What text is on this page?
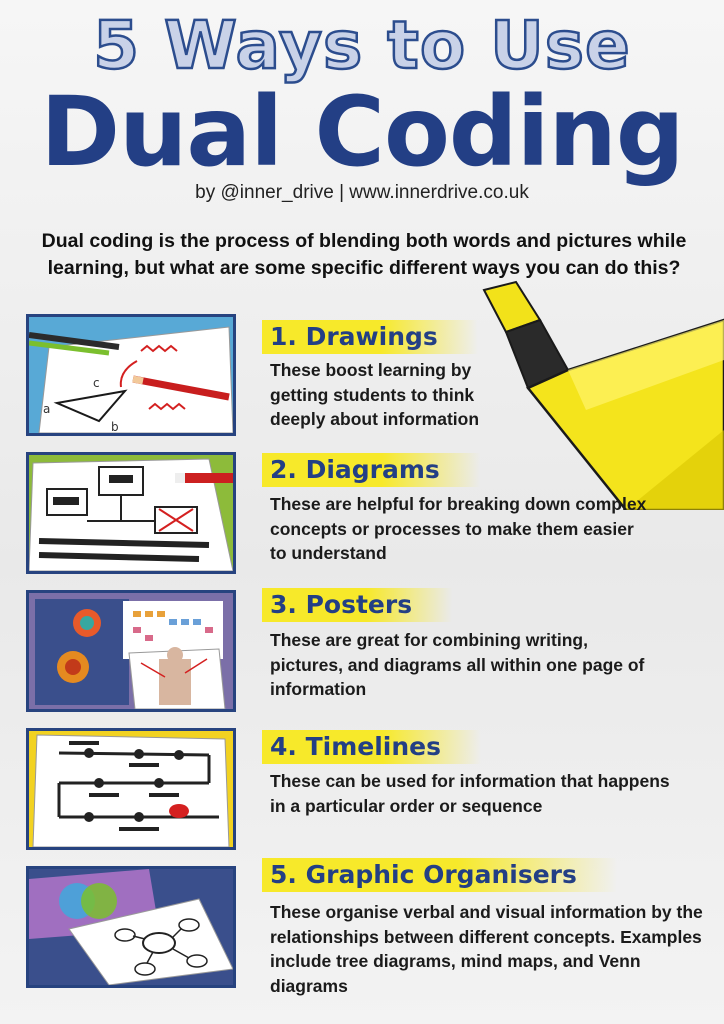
5 Ways to Use
Dual Coding
by @inner_drive | www.innerdrive.co.uk
Dual coding is the process of blending both words and pictures while learning, but what are some specific different ways you can do this?
a
b
c
1. Drawings
These boost learning by getting students to think deeply about information
2. Diagrams
These are helpful for breaking down complex concepts or processes to make them easier to understand
3. Posters
These are great for combining writing, pictures, and diagrams all within one page of information
4. Timelines
These can be used for information that happens in a particular order or sequence
5. Graphic Organisers
These organise verbal and visual information by the relationships between different concepts. Examples include tree diagrams, mind maps, and Venn diagrams
